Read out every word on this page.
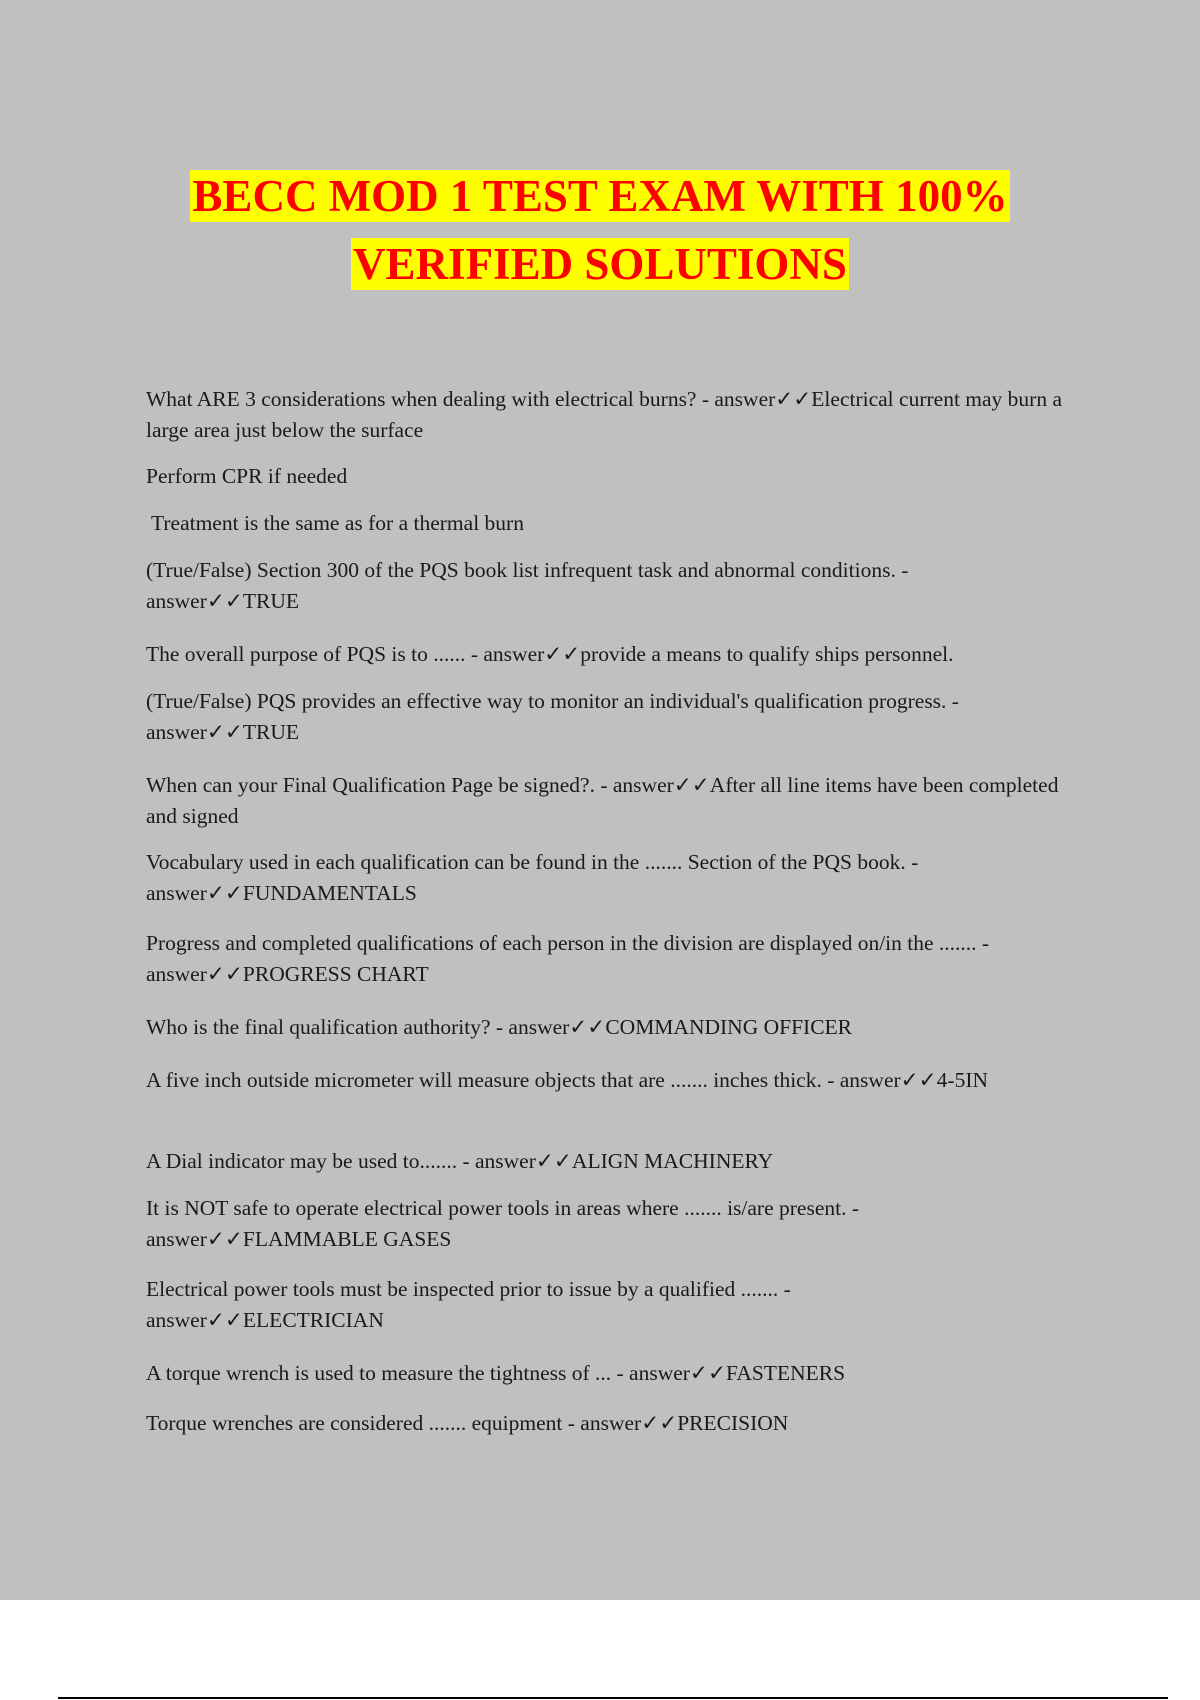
BECC MOD 1 TEST EXAM WITH 100%
VERIFIED SOLUTIONS

What ARE 3 considerations when dealing with electrical burns? - answer✓✓Electrical current may burn a large area just below the surface

Perform CPR if needed

Treatment is the same as for a thermal burn

(True/False) Section 300 of the PQS book list infrequent task and abnormal conditions. - answer✓✓TRUE

The overall purpose of PQS is to ...... - answer✓✓provide a means to qualify ships personnel.

(True/False) PQS provides an effective way to monitor an individual's qualification progress. - answer✓✓TRUE

When can your Final Qualification Page be signed?. - answer✓✓After all line items have been completed and signed

Vocabulary used in each qualification can be found in the ....... Section of the PQS book. - answer✓✓FUNDAMENTALS

Progress and completed qualifications of each person in the division are displayed on/in the ....... - answer✓✓PROGRESS CHART

Who is the final qualification authority? - answer✓✓COMMANDING OFFICER

A five inch outside micrometer will measure objects that are ....... inches thick. - answer✓✓4-5IN

A Dial indicator may be used to....... - answer✓✓ALIGN MACHINERY

It is NOT safe to operate electrical power tools in areas where ....... is/are present. - answer✓✓FLAMMABLE GASES

Electrical power tools must be inspected prior to issue by a qualified ....... - answer✓✓ELECTRICIAN

A torque wrench is used to measure the tightness of ... - answer✓✓FASTENERS

Torque wrenches are considered ....... equipment - answer✓✓PRECISION
